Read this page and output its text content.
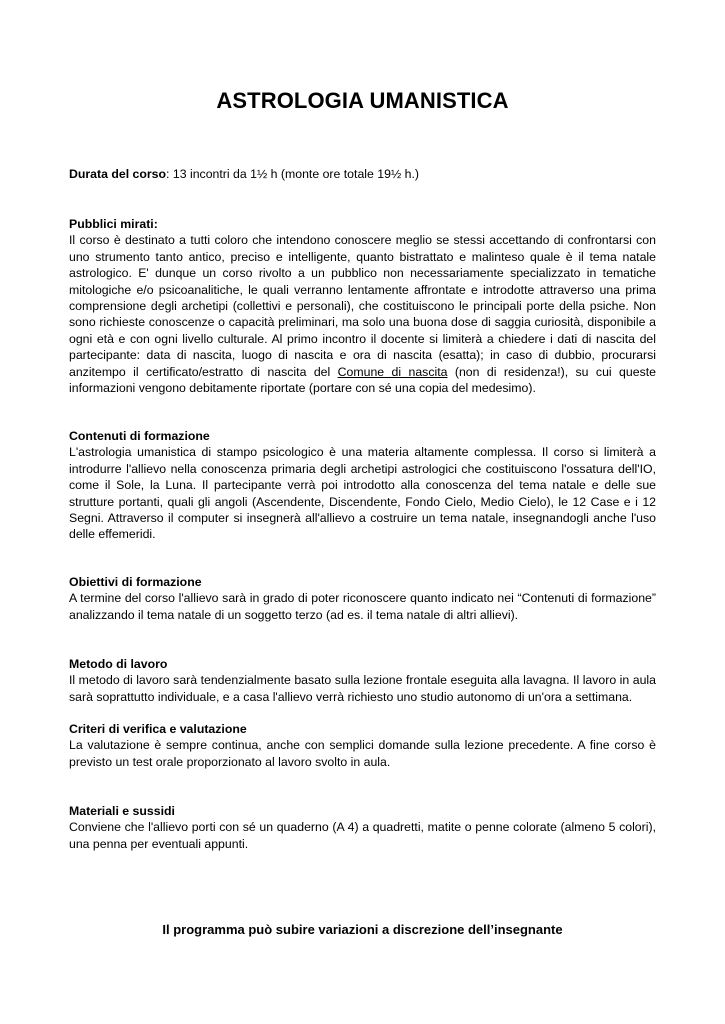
ASTROLOGIA UMANISTICA
Durata del corso: 13 incontri da 1½ h (monte ore totale 19½ h.)
Pubblici mirati:
Il corso è destinato a tutti coloro che intendono conoscere meglio se stessi accettando di confrontarsi con uno strumento tanto antico, preciso e intelligente, quanto bistrattato e malinteso quale è il tema natale astrologico. E' dunque un corso rivolto a un pubblico non necessariamente specializzato in tematiche mitologiche e/o psicoanalitiche, le quali verranno lentamente affrontate e introdotte attraverso una prima comprensione degli archetipi (collettivi e personali), che costituiscono le principali porte della psiche. Non sono richieste conoscenze o capacità preliminari, ma solo una buona dose di saggia curiosità, disponibile a ogni età e con ogni livello culturale. Al primo incontro il docente si limiterà a chiedere i dati di nascita del partecipante: data di nascita, luogo di nascita e ora di nascita (esatta); in caso di dubbio, procurarsi anzitempo il certificato/estratto di nascita del Comune di nascita (non di residenza!), su cui queste informazioni vengono debitamente riportate (portare con sé una copia del medesimo).
Contenuti di formazione
L'astrologia umanistica di stampo psicologico è una materia altamente complessa. Il corso si limiterà a introdurre l'allievo nella conoscenza primaria degli archetipi astrologici che costituiscono l'ossatura dell'IO, come il Sole, la Luna. Il partecipante verrà poi introdotto alla conoscenza del tema natale e delle sue strutture portanti, quali gli angoli (Ascendente, Discendente, Fondo Cielo, Medio Cielo), le 12 Case e i 12 Segni. Attraverso il computer si insegnerà all'allievo a costruire un tema natale, insegnandogli anche l'uso delle effemeridi.
Obiettivi di formazione
A termine del corso l'allievo sarà in grado di poter riconoscere quanto indicato nei “Contenuti di formazione” analizzando il tema natale di un soggetto terzo (ad es. il tema natale di altri allievi).
Metodo di lavoro
Il metodo di lavoro sarà tendenzialmente basato sulla lezione frontale eseguita alla lavagna. Il lavoro in aula sarà soprattutto individuale, e a casa l'allievo verrà richiesto uno studio autonomo di un'ora a settimana.
Criteri di verifica e valutazione
La valutazione è sempre continua, anche con semplici domande sulla lezione precedente. A fine corso è previsto un test orale proporzionato al lavoro svolto in aula.
Materiali e sussidi
Conviene che l'allievo porti con sé un quaderno (A 4) a quadretti, matite o penne colorate (almeno 5 colori), una penna per eventuali appunti.
Il programma può subire variazioni a discrezione dell’insegnante
